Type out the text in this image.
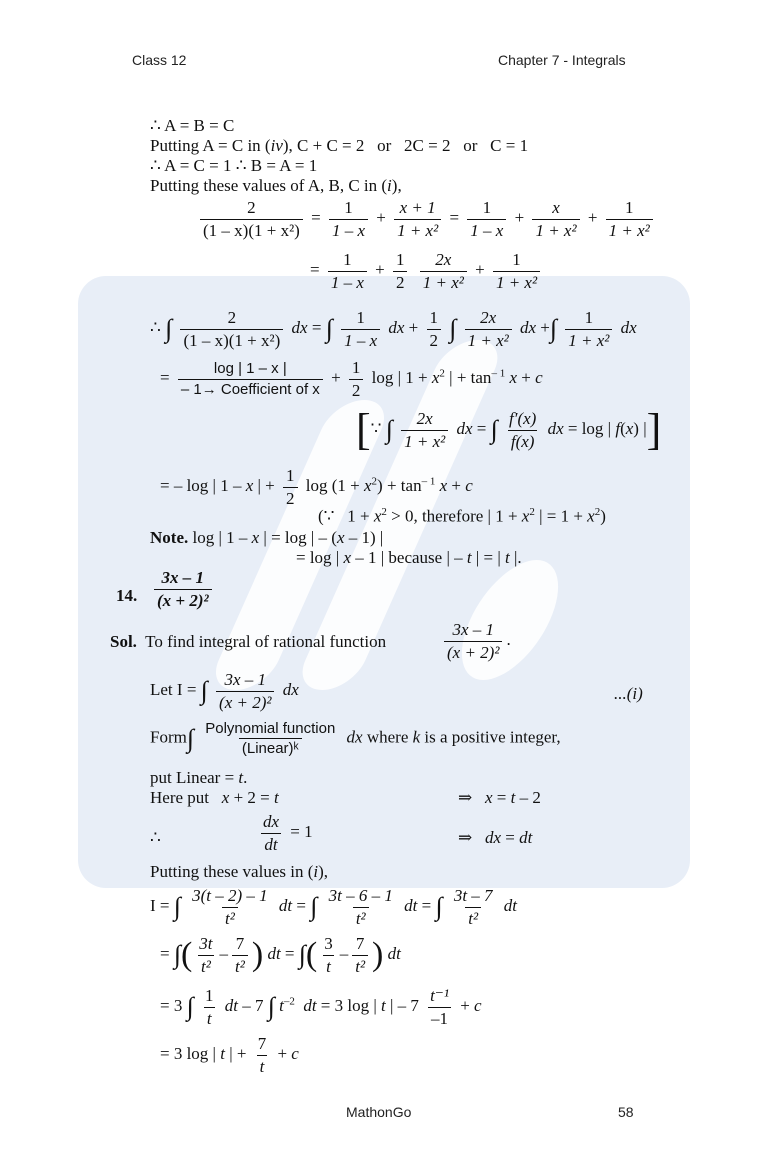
Class 12	Chapter 7 - Integrals
∴ A = B = C
Putting A = C in (iv), C + C = 2   or   2C = 2   or   C = 1
∴ A = C = 1 ∴ B = A = 1
Putting these values of A, B, C in (i),
$\frac{2}{\text{(1 – x)(1 + x²)}} = \frac{1}{1 - x} + \frac{x + 1}{\text{1 + x²}} = \frac{1}{1 - x} + \frac{x}{\text{1 + x²}} + \frac{1}{\text{1 + x²}}$
= $\frac{1}{1 - x} + \frac{1}{2}$
$\frac{2x}{\text{1 + x²}} + \frac{1}{\text{1 + x²}}$
∴ ∫ $\frac{2}{\text{(1 – x)(1 + x²)}}$ dx = ∫ $\frac{1}{1 - x}$ dx + $\frac{1}{2}$ ∫ $\frac{2x}{\text{1 + x²}}$ dx +∫ $\frac{1}{\text{1 + x²}}$ dx
= $\frac{\log | 1 - x |}{\text{– 1→ Coefficient of x}} + \frac{1}{2}$ log | $1 + x^2$ | + $\tan^{- 1} x + c$
[∵ ∫ $\frac{2x}{\text{1 + x²}}$ dx = ∫ $\frac{f'(x)}{f(x)}$ dx = log | f(x) |]
= – log | 1 – x | + $\frac{1}{2}$ $\log (1 + x^2) + \tan^{- 1} x + c$
(∵   $1 + x^2 > 0$, therefore | $1 + x^2$ | = $1 + x^2$)
Note. log | 1 – x | = log | – (x – 1) |
= log | x – 1 | because | – t | = | t |.
14. $\frac{3x - 1}{\text{(x + 2)²}}$
Sol. To find integral of rational function	$\frac{3x - 1}{\text{(x + 2)²}}$ .
Let I = ∫ $\frac{3x - 1}{\text{(x + 2)²}}$ dx	...(i)
Form∫ $\frac{\text{Polynomial function}}{\text{(Linear)ᵏ}}$ dx where k is a positive integer,
put Linear = t.
Here put   x + 2 = t	⇒   x = t – 2
∴	$\frac{dx}{dt} = 1$	⇒   dx = dt
Putting these values in (i),
I = ∫ $\frac{3(t - 2) - 1}{\text{t²}}$ dt = ∫ $\frac{3t - 6 - 1}{\text{t²}}$ dt = ∫ $\frac{3t - 7}{\text{t²}}$ dt
= ∫( $\frac{3t}{\text{t²}} - \frac{7}{\text{t²}}$ ) dt = ∫( $\frac{3}{t} - \frac{7}{\text{t²}}$ ) dt
= 3 ∫ $\frac{1}{t}$ dt – 7 ∫ $t^{-2}$ dt = 3 log | t | – $7 \frac{\text{t⁻¹}}{-1} + c$
= 3 log | t | + $\frac{7}{t} + c$
MathonGo	58
